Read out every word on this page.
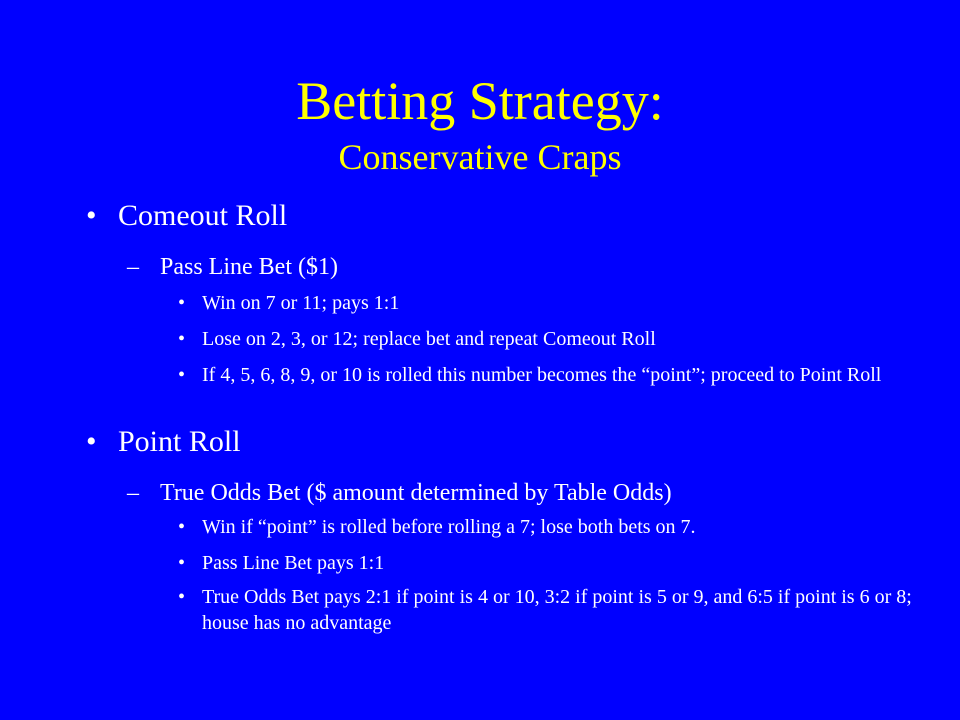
Betting Strategy:
Conservative Craps
• Comeout Roll
– Pass Line Bet ($1)
• Win on 7 or 11; pays 1:1
• Lose on 2, 3, or 12; replace bet and repeat Comeout Roll
• If 4, 5, 6, 8, 9, or 10 is rolled this number becomes the “point”; proceed to Point Roll
• Point Roll
– True Odds Bet ($ amount determined by Table Odds)
• Win if “point” is rolled before rolling a 7; lose both bets on 7.
• Pass Line Bet pays 1:1
• True Odds Bet pays 2:1 if point is 4 or 10, 3:2 if point is 5 or 9, and 6:5 if point is 6 or 8; house has no advantage
